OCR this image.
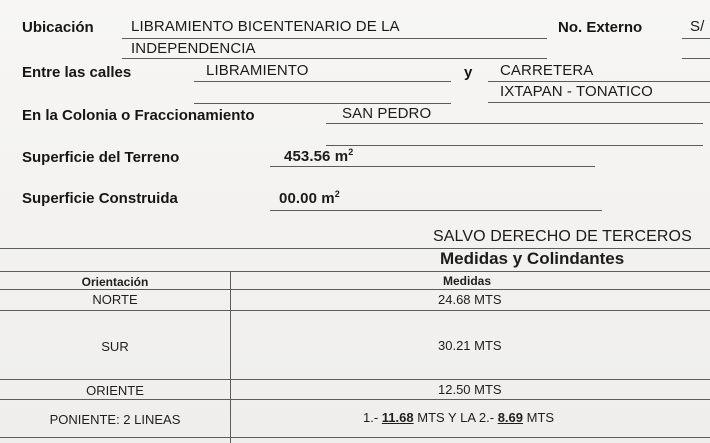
Ubicación LIBRAMIENTO BICENTENARIO DE LA
INDEPENDENCIA
No. Externo	S/
Entre las calles	LIBRAMIENTO	y CARRETERA
IXTAPAN - TONATICO
En la Colonia o Fraccionamiento	SAN PEDRO
Superficie del Terreno	453.56 $m^2$
Superficie Construida	00.00 $m^2$
SALVO DERECHO DE TERCEROS
Medidas y Colindantes
Orientación	Medidas
NORTE	24.68 MTS
SUR	30.21 MTS
ORIENTE	12.50 MTS
PONIENTE: 2 LINEAS	1.- 11.68 MTS Y LA 2.- 8.69 MTS
